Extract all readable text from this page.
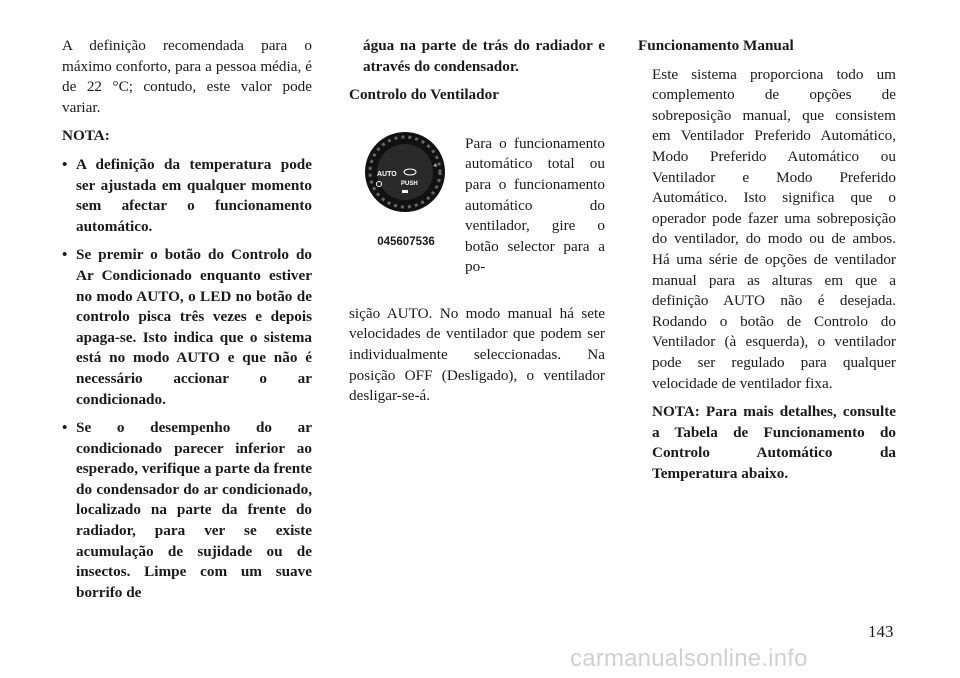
A definição recomendada para o máximo conforto, para a pessoa média, é de 22 °C; contudo, este valor pode variar.

NOTA:

• A definição da temperatura pode ser ajustada em qualquer momento sem afectar o funcionamento automático.
• Se premir o botão do Controlo do Ar Condicionado enquanto estiver no modo AUTO, o LED no botão de controlo pisca três vezes e depois apaga-se. Isto indica que o sistema está no modo AUTO e que não é necessário accionar o ar condicionado.
• Se o desempenho do ar condicionado parecer inferior ao esperado, verifique a parte da frente do condensador do ar condicionado, localizado na parte da frente do radiador, para ver se existe acumulação de sujidade ou de insectos. Limpe com um suave borrifo de
água na parte de trás do radiador e através do condensador.
Controlo do Ventilador
AUTO
PUSH
045607536
Para o funcionamento automático total ou para o funcionamento automático do ventilador, gire o botão selector para a po-

sição AUTO. No modo manual há sete velocidades de ventilador que podem ser individualmente seleccionadas. Na posição OFF (Desligado), o ventilador desligar-se-á.

Funcionamento Manual

Este sistema proporciona todo um complemento de opções de sobreposição manual, que consistem em Ventilador Preferido Automático, Modo Preferido Automático ou Ventilador e Modo Preferido Automático. Isto significa que o operador pode fazer uma sobreposição do ventilador, do modo ou de ambos. Há uma série de opções de ventilador manual para as alturas em que a definição AUTO não é desejada. Rodando o botão de Controlo do Ventilador (à esquerda), o ventilador pode ser regulado para qualquer velocidade de ventilador fixa.

NOTA: Para mais detalhes, consulte a Tabela de Funcionamento do Controlo Automático da Temperatura abaixo.

143
carmanualsonline.info
